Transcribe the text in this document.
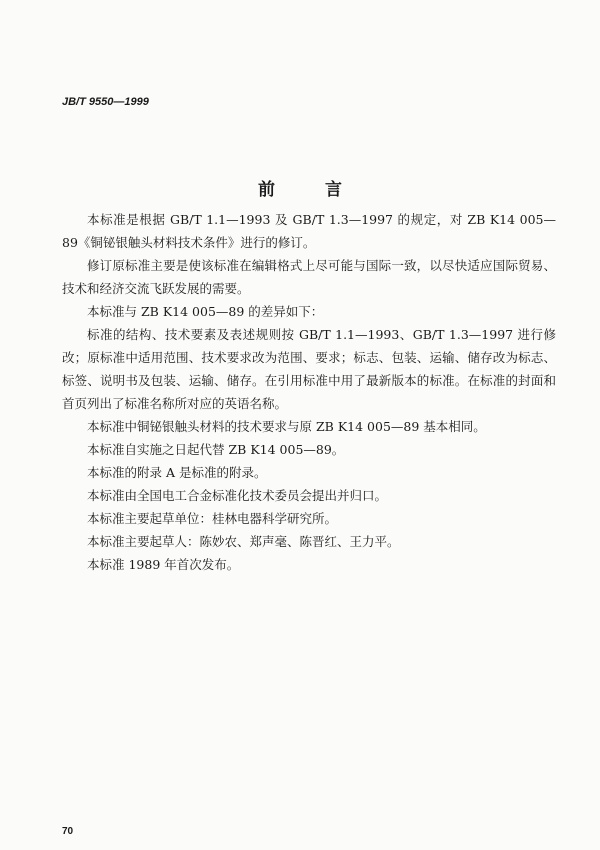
JB/T 9550—1999
前 言

本标准是根据 GB/T 1.1—1993 及 GB/T 1.3—1997 的规定，对 ZB K14 005—89《铜铋银触头材料技术条件》进行的修订。

修订原标准主要是使该标准在编辑格式上尽可能与国际一致，以尽快适应国际贸易、技术和经济交流飞跃发展的需要。

本标准与 ZB K14 005—89 的差异如下：

标准的结构、技术要素及表述规则按 GB/T 1.1—1993、GB/T 1.3—1997 进行修改；原标准中适用范围、技术要求改为范围、要求；标志、包装、运输、储存改为标志、标签、说明书及包装、运输、储存。在引用标准中用了最新版本的标准。在标准的封面和首页列出了标准名称所对应的英语名称。

本标准中铜铋银触头材料的技术要求与原 ZB K14 005—89 基本相同。

本标准自实施之日起代替 ZB K14 005—89。

本标准的附录 A 是标准的附录。

本标准由全国电工合金标准化技术委员会提出并归口。

本标准主要起草单位：桂林电器科学研究所。

本标准主要起草人：陈妙农、郑声毫、陈晋红、王力平。

本标准 1989 年首次发布。

70
